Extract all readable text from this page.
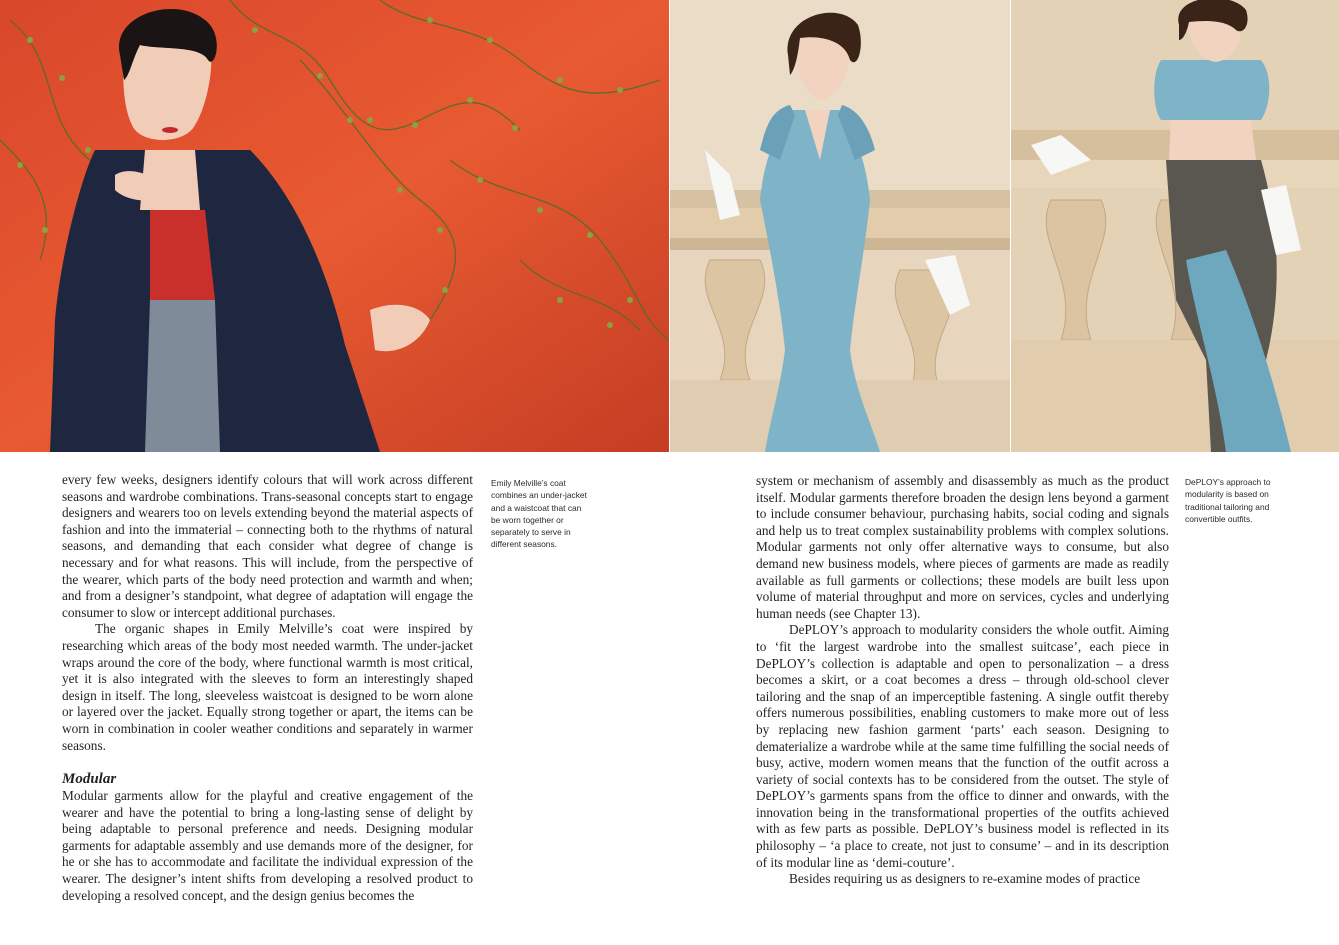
every few weeks, designers identify colours that will work across different seasons and wardrobe combinations. Trans-seasonal concepts start to engage designers and wearers too on levels extending beyond the material aspects of fashion and into the immaterial – connecting both to the rhythms of natural seasons, and demanding that each consider what degree of change is necessary and for what reasons. This will include, from the perspective of the wearer, which parts of the body need protection and warmth and when; and from a designer’s standpoint, what degree of adaptation will engage the consumer to slow or intercept additional purchases.

The organic shapes in Emily Melville’s coat were inspired by researching which areas of the body most needed warmth. The under-jacket wraps around the core of the body, where functional warmth is most critical, yet it is also integrated with the sleeves to form an interestingly shaped design in itself. The long, sleeveless waistcoat is designed to be worn alone or layered over the jacket. Equally strong together or apart, the items can be worn in combination in cooler weather conditions and separately in warmer seasons.

Modular

Modular garments allow for the playful and creative engagement of the wearer and have the potential to bring a long-lasting sense of delight by being adaptable to personal preference and needs. Designing modular garments for adaptable assembly and use demands more of the designer, for he or she has to accommodate and facilitate the individual expression of the wearer. The designer’s intent shifts from developing a resolved product to developing a resolved concept, and the design genius becomes the

Emily Melville’s coat combines an under-jacket and a waistcoat that can be worn together or separately to serve in different seasons.

system or mechanism of assembly and disassembly as much as the product itself. Modular garments therefore broaden the design lens beyond a garment to include consumer behaviour, purchasing habits, social coding and signals and help us to treat complex sustainability problems with complex solutions. Modular garments not only offer alternative ways to consume, but also demand new business models, where pieces of garments are made as readily available as full garments or collections; these models are built less upon volume of material throughput and more on services, cycles and underlying human needs (see Chapter 13).

DePLOY’s approach to modularity considers the whole outfit. Aiming to ‘fit the largest wardrobe into the smallest suitcase’, each piece in DePLOY’s collection is adaptable and open to personalization – a dress becomes a skirt, or a coat becomes a dress – through old-school clever tailoring and the snap of an imperceptible fastening. A single outfit thereby offers numerous possibilities, enabling customers to make more out of less by replacing new fashion garment ‘parts’ each season. Designing to dematerialize a wardrobe while at the same time fulfilling the social needs of busy, active, modern women means that the function of the outfit across a variety of social contexts has to be considered from the outset. The style of DePLOY’s garments spans from the office to dinner and onwards, with the innovation being in the transformational properties of the outfits achieved with as few parts as possible. DePLOY’s business model is reflected in its philosophy – ‘a place to create, not just to consume’ – and in its description of its modular line as ‘demi-couture’.

Besides requiring us as designers to re-examine modes of practice

DePLOY’s approach to modularity is based on traditional tailoring and convertible outfits.
